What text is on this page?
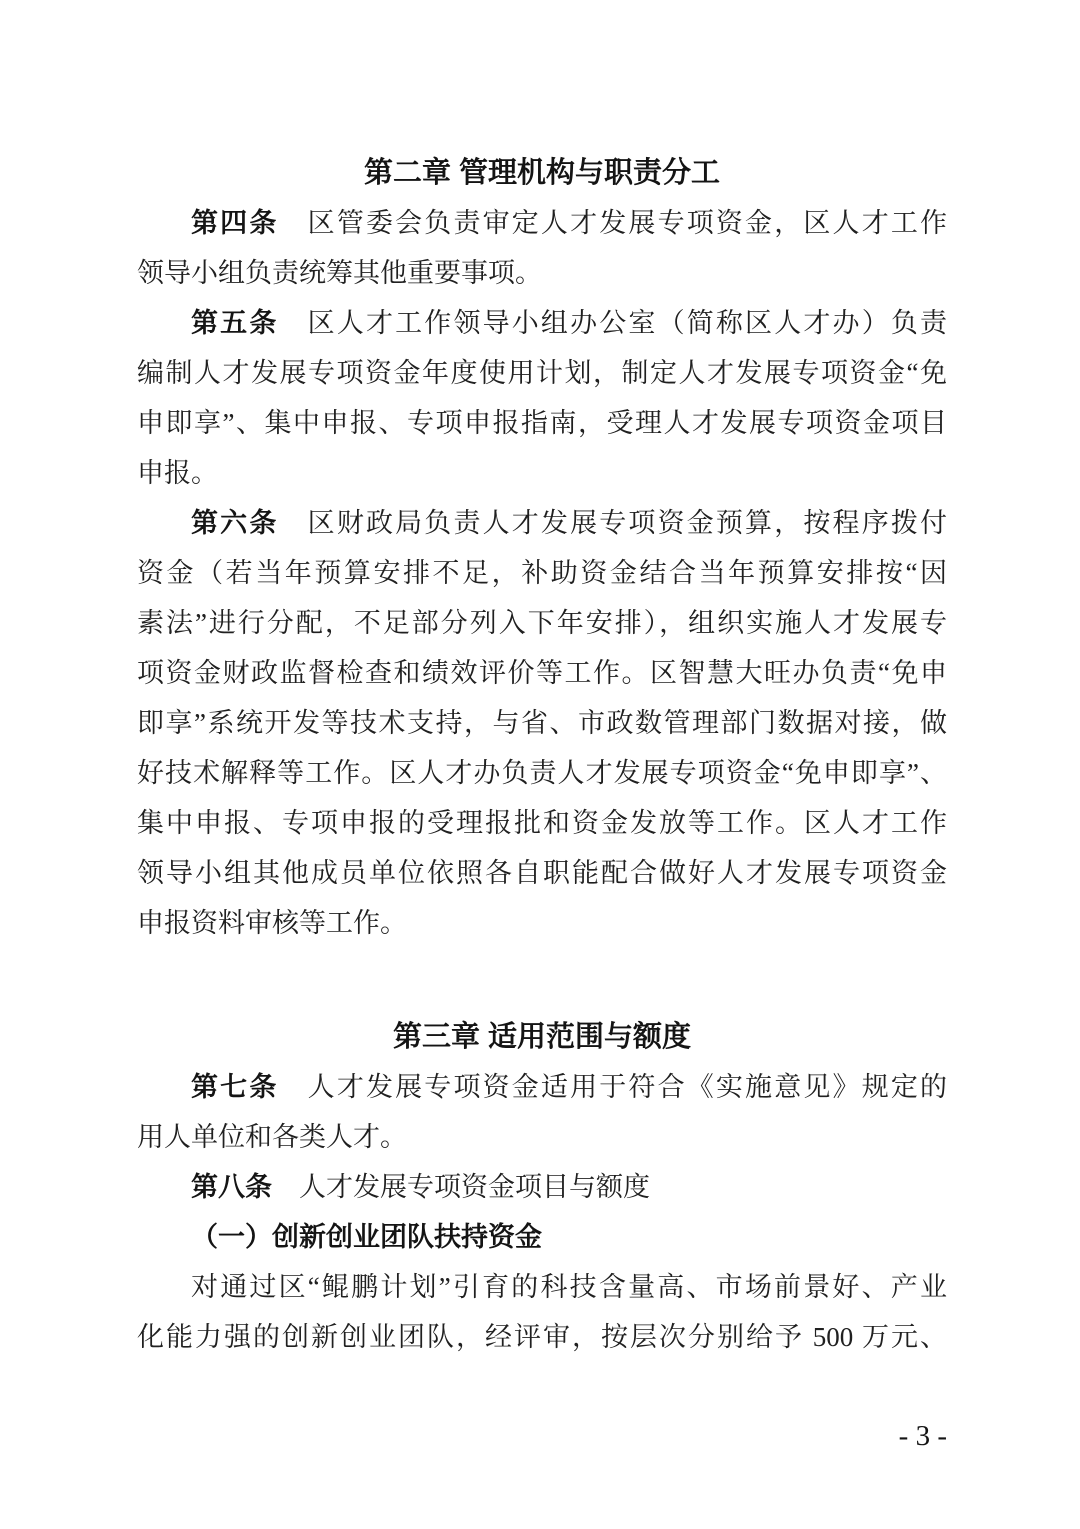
第二章 管理机构与职责分工
第四条　 区管委会负责审定人才发展专项资金，区人才工作
领导小组负责统筹其他重要事项。
第五条　 区人才工作领导小组办公室（简称区人才办）负责
编制人才发展专项资金年度使用计划，制定人才发展专项资金“免
申即享”、集中申报、专项申报指南，受理人才发展专项资金项目
申报。
第六条　 区财政局负责人才发展专项资金预算，按程序拨付
资金（若当年预算安排不足，补助资金结合当年预算安排按“因
素法”进行分配，不足部分列入下年安排），组织实施人才发展专
项资金财政监督检查和绩效评价等工作。区智慧大旺办负责“免申
即享”系统开发等技术支持，与省、市政数管理部门数据对接，做
好技术解释等工作。区人才办负责人才发展专项资金“免申即享”、
集中申报、专项申报的受理报批和资金发放等工作。区人才工作
领导小组其他成员单位依照各自职能配合做好人才发展专项资金
申报资料审核等工作。
第三章 适用范围与额度
第七条　 人才发展专项资金适用于符合《实施意见》规定的
用人单位和各类人才。
第八条　 人才发展专项资金项目与额度
（一）创新创业团队扶持资金
对通过区“鲲鹏计划”引育的科技含量高、市场前景好、产业
化能力强的创新创业团队，经评审，按层次分别给予 500 万元、
- 3 -
